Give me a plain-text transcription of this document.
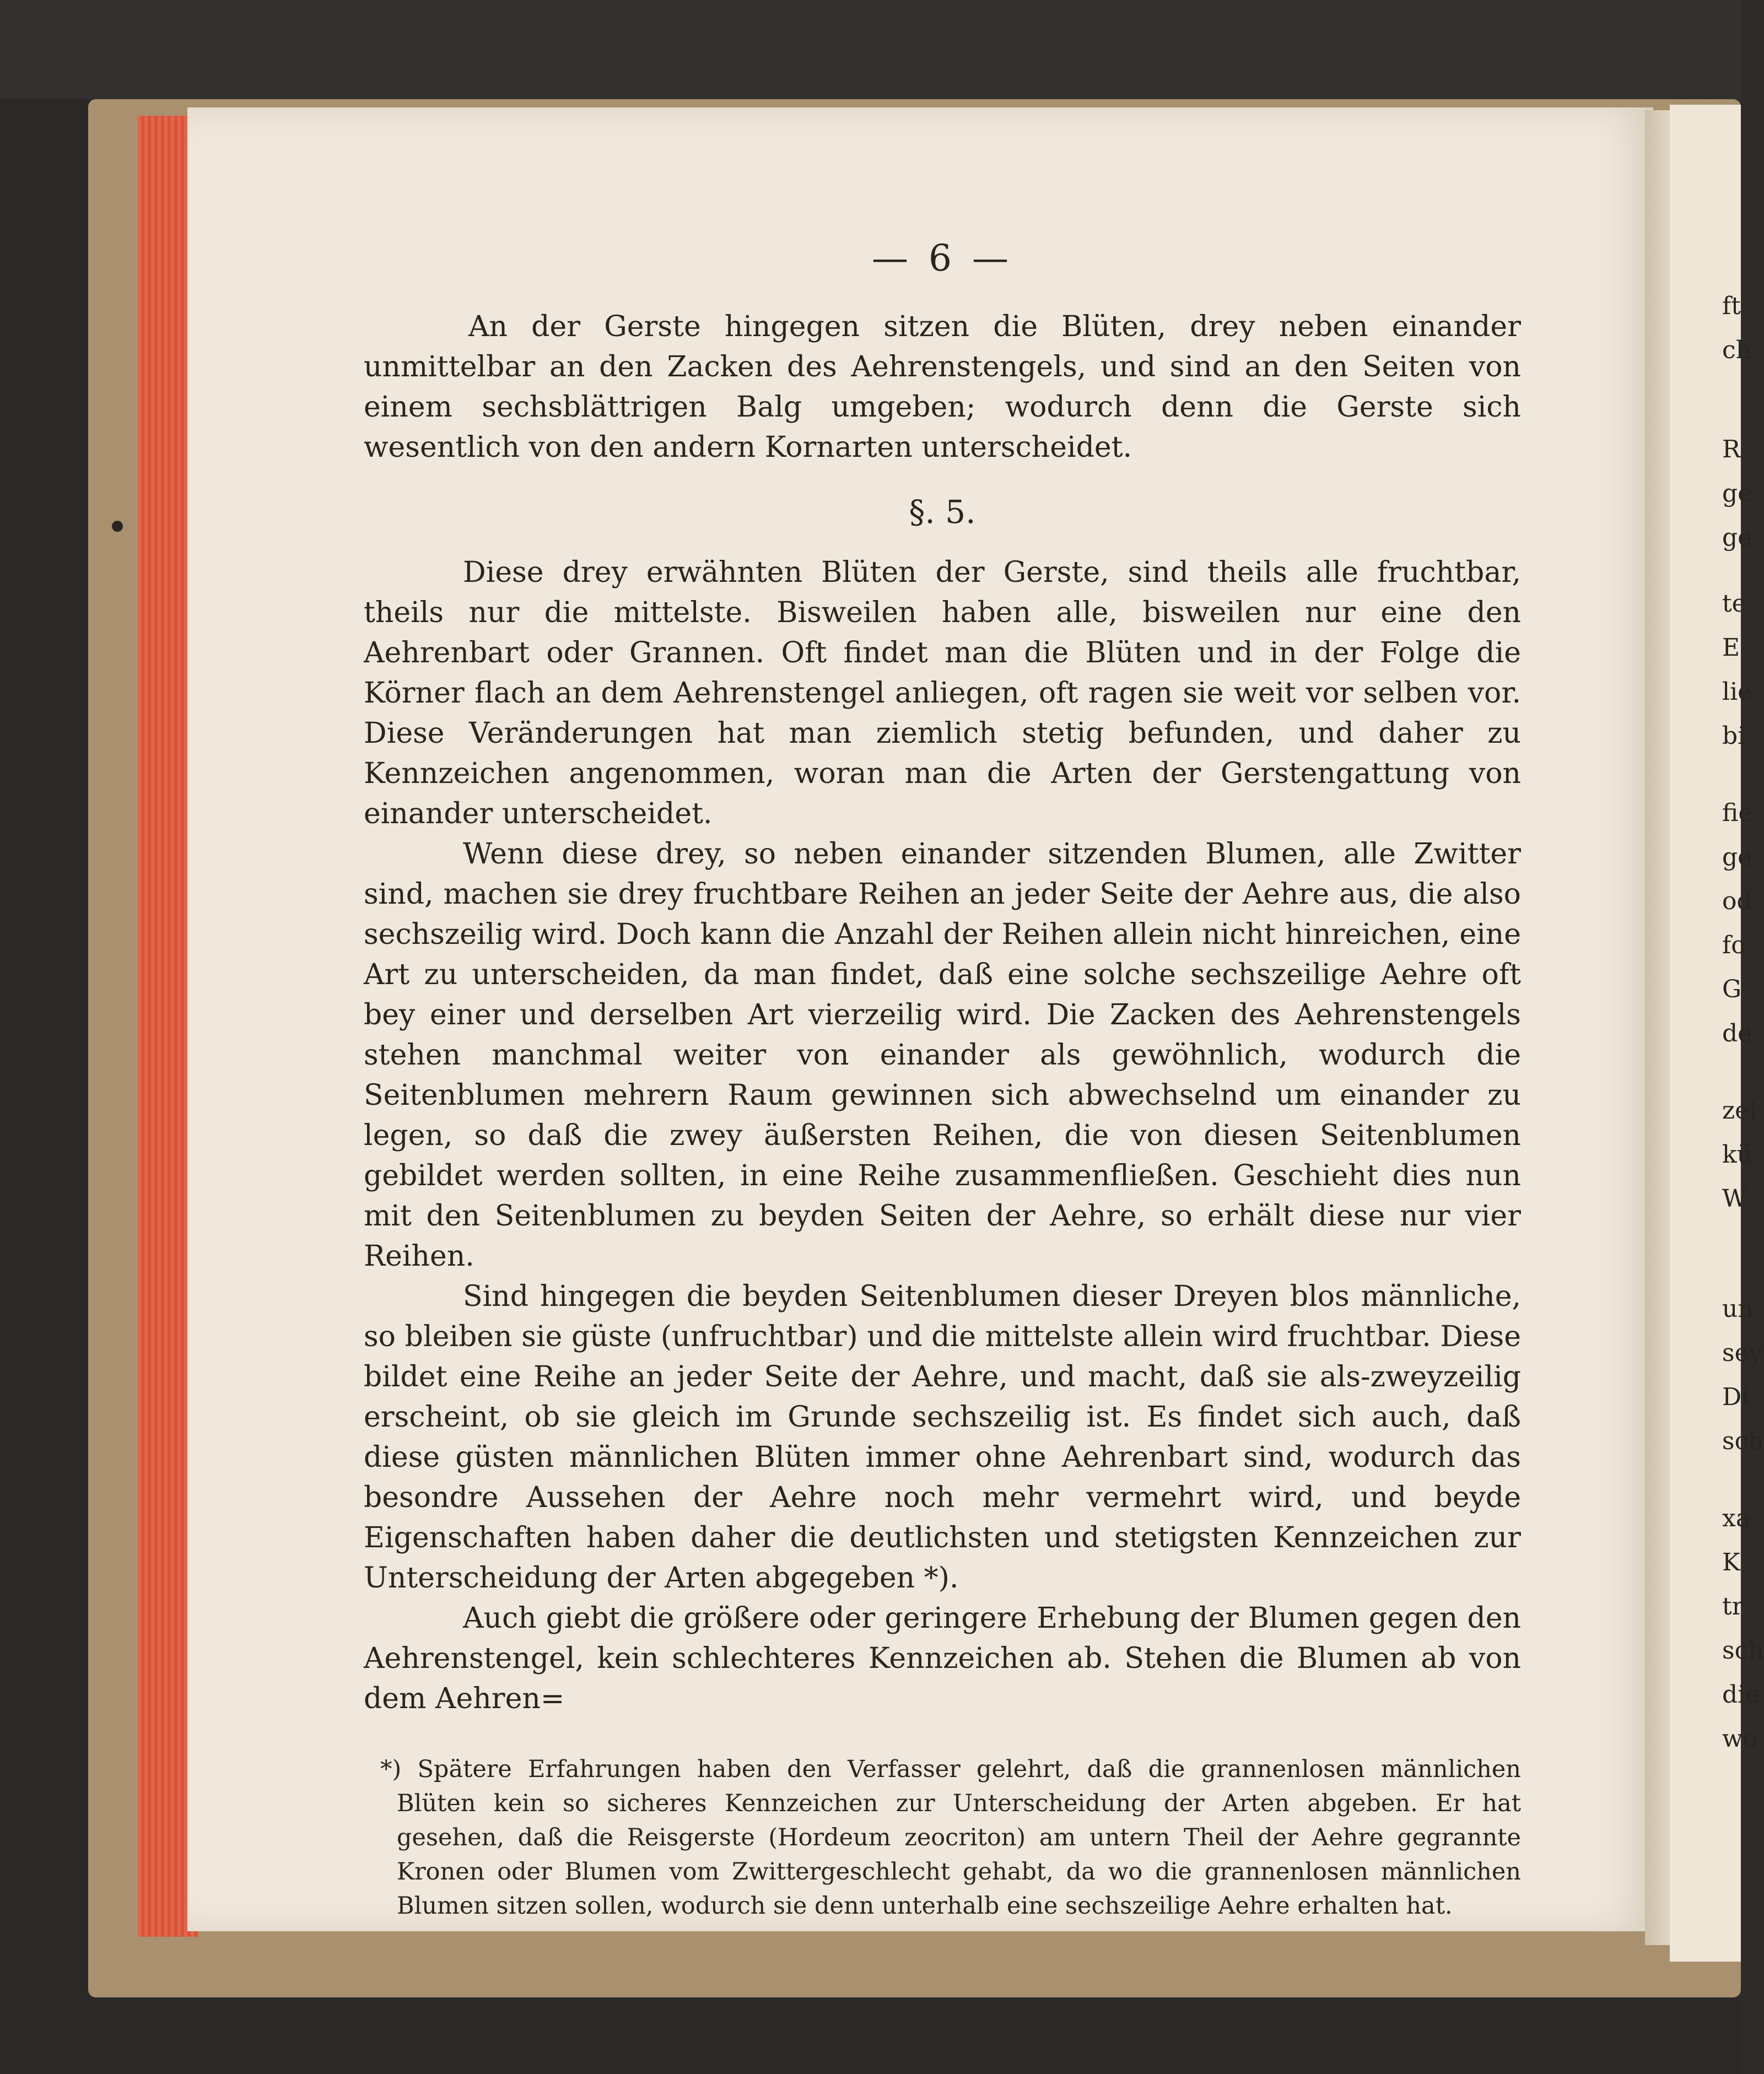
ft
ch
R
ge
ge
te
E
lie
bi
fie
ge
od
fo
G
de
zei
kü
W
un
sey
Di
sch
xa
K
tr
sch
die
wo
— 6 —

An der Gerste hingegen sitzen die Blüten, drey neben einander unmittelbar an den Zacken des Aehrenstengels, und sind an den Seiten von einem sechsblättrigen Balg umgeben; wodurch denn die Gerste sich wesentlich von den andern Kornarten unterscheidet.

§. 5.

Diese drey erwähnten Blüten der Gerste, sind theils alle fruchtbar, theils nur die mittelste. Bisweilen haben alle, bisweilen nur eine den Aehrenbart oder Grannen. Oft findet man die Blüten und in der Folge die Körner flach an dem Aehrenstengel anliegen, oft ragen sie weit vor selben vor. Diese Veränderungen hat man ziemlich stetig befunden, und daher zu Kennzeichen angenommen, woran man die Arten der Gerstengattung von einander unterscheidet.

Wenn diese drey, so neben einander sitzenden Blumen, alle Zwitter sind, machen sie drey fruchtbare Reihen an jeder Seite der Aehre aus, die also sechszeilig wird. Doch kann die Anzahl der Reihen allein nicht hinreichen, eine Art zu unterscheiden, da man findet, daß eine solche sechszeilige Aehre oft bey einer und derselben Art vierzeilig wird. Die Zacken des Aehrenstengels stehen manchmal weiter von einander als gewöhnlich, wodurch die Seitenblumen mehrern Raum gewinnen sich abwechselnd um einander zu legen, so daß die zwey äußersten Reihen, die von diesen Seitenblumen gebildet werden sollten, in eine Reihe zusammenfließen. Geschieht dies nun mit den Seitenblumen zu beyden Seiten der Aehre, so erhält diese nur vier Reihen.

Sind hingegen die beyden Seitenblumen dieser Dreyen blos männliche, so bleiben sie güste (unfruchtbar) und die mittelste allein wird fruchtbar. Diese bildet eine Reihe an jeder Seite der Aehre, und macht, daß sie als-zweyzeilig erscheint, ob sie gleich im Grunde sechszeilig ist. Es findet sich auch, daß diese güsten männlichen Blüten immer ohne Aehrenbart sind, wodurch das besondre Aussehen der Aehre noch mehr vermehrt wird, und beyde Eigenschaften haben daher die deutlichsten und stetigsten Kennzeichen zur Unterscheidung der Arten abgegeben *).

Auch giebt die größere oder geringere Erhebung der Blumen gegen den Aehrenstengel, kein schlechteres Kennzeichen ab. Stehen die Blumen ab von dem Aehren=

*) Spätere Erfahrungen haben den Verfasser gelehrt, daß die grannenlosen männlichen Blüten kein so sicheres Kennzeichen zur Unterscheidung der Arten abgeben. Er hat gesehen, daß die Reisgerste (Hordeum zeocriton) am untern Theil der Aehre gegrannte Kronen oder Blumen vom Zwittergeschlecht gehabt, da wo die grannenlosen männlichen Blumen sitzen sollen, wodurch sie denn unterhalb eine sechszeilige Aehre erhalten hat.
